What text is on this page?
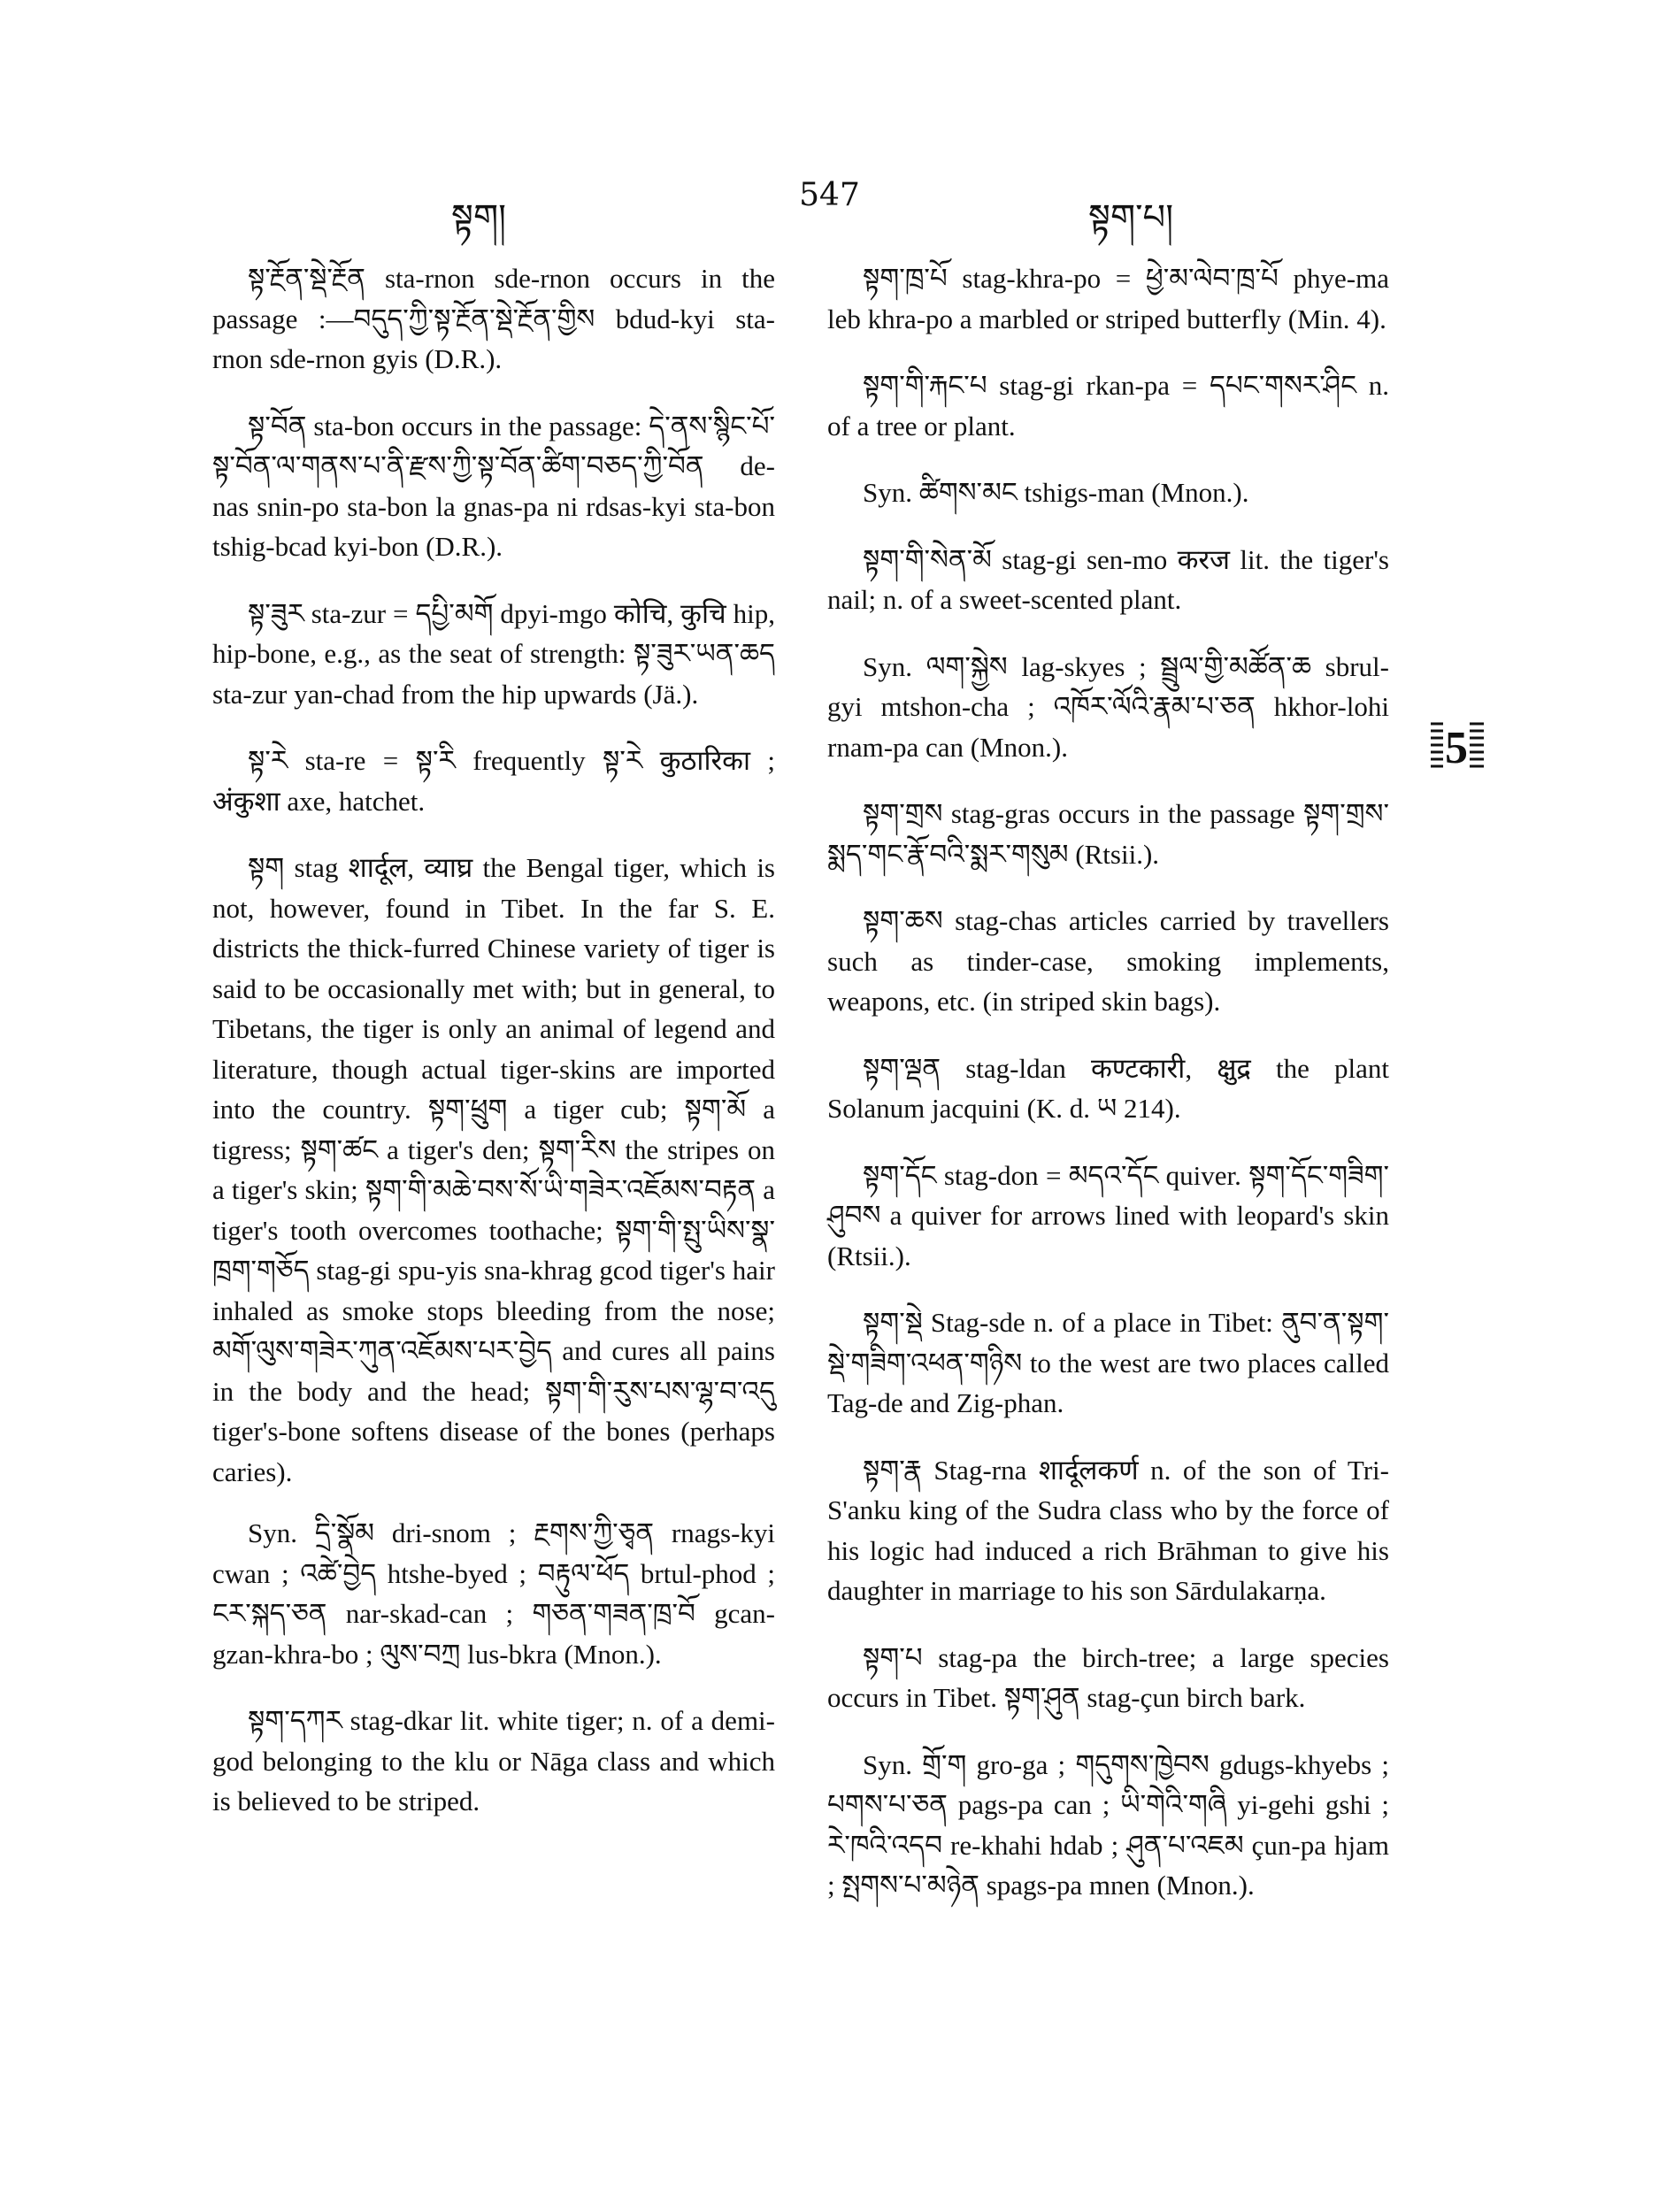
སྟག།
547
སྟག་པ།

སྟ་རྔོན་སྡེ་རྔོན sta-rnon sde-rnon occurs in the passage :—བདུད་ཀྱི་སྟ་རྔོན་སྡེ་རྔོན་གྱིས bdud-kyi sta-rnon sde-rnon gyis (D.R.).

སྟ་བོན sta-bon occurs in the passage: དེ་ནས་སྙིང་པོ་སྟ་བོན་ལ་གནས་པ་ནི་རྫས་ཀྱི་སྟ་བོན་ཚིག་བཅད་ཀྱི་བོན de-nas snin-po sta-bon la gnas-pa ni rdsas-kyi sta-bon tshig-bcad kyi-bon (D.R.).

སྟ་ཟུར sta-zur = དཔྱི་མགོ dpyi-mgo कोचि, कुचि hip, hip-bone, e.g., as the seat of strength: སྟ་ཟུར་ཡན་ཆད sta-zur yan-chad from the hip upwards (Jä.).

སྟ་རེ sta-re = སྟ་རི frequently སྟ་རེ कुठारिका ; अंकुशा axe, hatchet.

སྟག stag शार्दूल, व्याघ्र the Bengal tiger, which is not, however, found in Tibet. In the far S. E. districts the thick-furred Chinese variety of tiger is said to be occasionally met with; but in general, to Tibetans, the tiger is only an animal of legend and literature, though actual tiger-skins are imported into the country. སྟག་ཕྲུག a tiger cub; སྟག་མོ a tigress; སྟག་ཚང a tiger's den; སྟག་རིས the stripes on a tiger's skin; སྟག་གི་མཆེ་བས་སོ་ཡི་གཟེར་འཇོམས་བརྟན a tiger's tooth overcomes toothache; སྟག་གི་སྤུ་ཡིས་སྣ་ཁྲག་གཅོད stag-gi spu-yis sna-khrag gcod tiger's hair inhaled as smoke stops bleeding from the nose; མགོ་ལུས་གཟེར་ཀུན་འཇོམས་པར་བྱེད and cures all pains in the body and the head; སྟག་གི་རུས་པས་ལྷ་བ་འདུ tiger's-bone softens disease of the bones (perhaps caries).

Syn. དྲི་སྣོམ dri-snom ; རྔགས་ཀྱི་ཅྭན rnags-kyi cwan ; འཚེ་བྱེད htshe-byed ; བརྟུལ་ཕོད brtul-phod ; ངར་སྐད་ཅན nar-skad-can ; གཅན་གཟན་ཁྲ་བོ gcan-gzan-khra-bo ; ལུས་བཀྲ lus-bkra (Mnon.).

སྟག་དཀར stag-dkar lit. white tiger; n. of a demi-god belonging to the klu or Nāga class and which is believed to be striped.

སྟག་ཁྲ་པོ stag-khra-po = ཕྱེ་མ་ལེབ་ཁྲ་པོ phye-ma leb khra-po a marbled or striped butterfly (Min. 4).

སྟག་གི་རྐང་པ stag-gi rkan-pa = དཔང་གསར་ཤིང n. of a tree or plant.

Syn. ཚིགས་མང tshigs-man (Mnon.).

སྟག་གི་སེན་མོ stag-gi sen-mo करज lit. the tiger's nail; n. of a sweet-scented plant.

Syn. ལག་སྐྱེས lag-skyes ; སྦྲུལ་གྱི་མཚོན་ཆ sbrul-gyi mtshon-cha ; འཁོར་ལོའི་རྣམ་པ་ཅན hkhor-lohi rnam-pa can (Mnon.).

སྟག་གྲས stag-gras occurs in the passage སྟག་གྲས་སྨད་གང་རྣོ་བའི་སྨར་གསུམ (Rtsii.).

སྟག་ཆས stag-chas articles carried by travellers such as tinder-case, smoking implements, weapons, etc. (in striped skin bags).

སྟག་ལྡན stag-ldan कण्टकारी, क्षुद्र the plant Solanum jacquini (K. d. ཡ 214).

སྟག་དོང stag-don = མདའ་དོང quiver. སྟག་དོང་གཟིག་ཤུབས a quiver for arrows lined with leopard's skin (Rtsii.).

སྟག་སྡེ Stag-sde n. of a place in Tibet: ནུབ་ན་སྟག་སྡེ་གཟིག་འཕན་གཉིས to the west are two places called Tag-de and Zig-phan.

སྟག་རྣ Stag-rna शार्दूलकर्ण n. of the son of Tri-S'anku king of the Sudra class who by the force of his logic had induced a rich Brāhman to give his daughter in marriage to his son Sārdulakarṇa.

སྟག་པ stag-pa the birch-tree; a large species occurs in Tibet. སྟག་ཤུན stag-çun birch bark.

Syn. གྲོ་ག gro-ga ; གདུགས་ཁྱེབས gdugs-khyebs ; པགས་པ་ཅན pags-pa can ; ཡི་གེའི་གཞི yi-gehi gshi ; རེ་ཁའི་འདབ re-khahi hdab ; ཤུན་པ་འཇམ çun-pa hjam ; སྤགས་པ་མཉེན spags-pa mnen (Mnon.).

5
